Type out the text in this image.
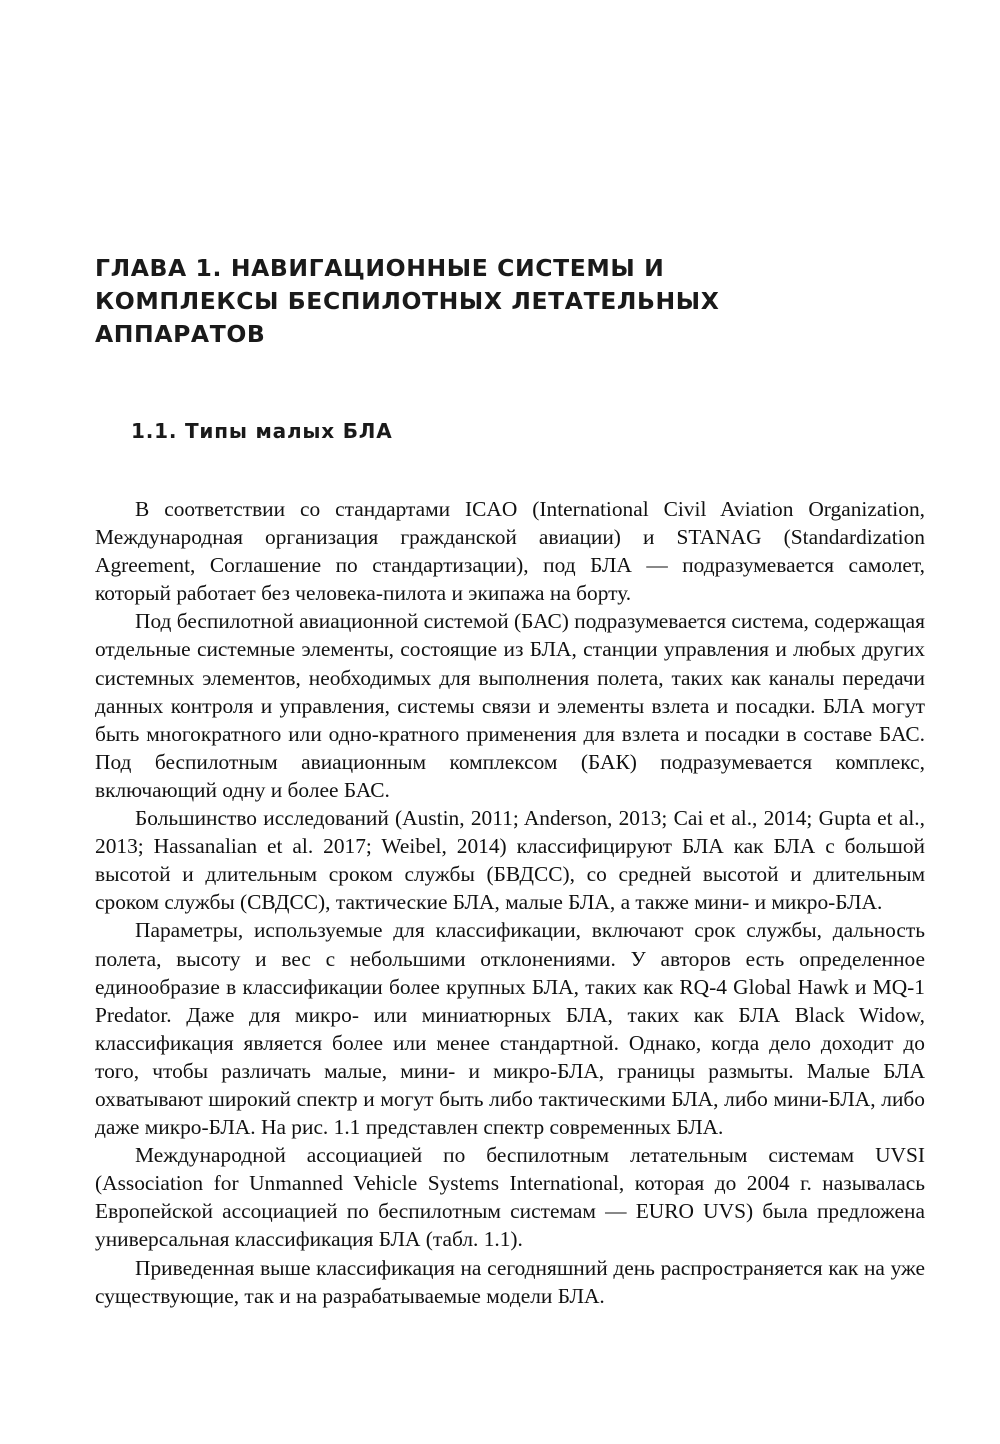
ГЛАВА 1. НАВИГАЦИОННЫЕ СИСТЕМЫ И КОМПЛЕКСЫ БЕСПИЛОТНЫХ ЛЕТАТЕЛЬНЫХ АППАРАТОВ
1.1. Типы малых БЛА

В соответствии со стандартами ICAO (International Civil Aviation Organization, Международная организация гражданской авиации) и STANAG (Standardization Agreement, Соглашение по стандартизации), под БЛА — подразумевается самолет, который работает без человека-пилота и экипажа на борту.

Под беспилотной авиационной системой (БАС) подразумевается система, содержащая отдельные системные элементы, состоящие из БЛА, станции управления и любых других системных элементов, необходимых для выполнения полета, таких как каналы передачи данных контроля и управления, системы связи и элементы взлета и посадки. БЛА могут быть многократного или одно-кратного применения для взлета и посадки в составе БАС. Под беспилотным авиационным комплексом (БАК) подразумевается комплекс, включающий одну и более БАС.

Большинство исследований (Austin, 2011; Anderson, 2013; Cai et al., 2014; Gupta et al., 2013; Hassanalian et al. 2017; Weibel, 2014) классифицируют БЛА как БЛА с большой высотой и длительным сроком службы (БВДСС), со средней высотой и длительным сроком службы (СВДСС), тактические БЛА, малые БЛА, а также мини- и микро-БЛА.

Параметры, используемые для классификации, включают срок службы, дальность полета, высоту и вес с небольшими отклонениями. У авторов есть определенное единообразие в классификации более крупных БЛА, таких как RQ-4 Global Hawk и MQ-1 Predator. Даже для микро- или миниатюрных БЛА, таких как БЛА Black Widow, классификация является более или менее стандартной. Однако, когда дело доходит до того, чтобы различать малые, мини- и микро-БЛА, границы размыты. Малые БЛА охватывают широкий спектр и могут быть либо тактическими БЛА, либо мини-БЛА, либо даже микро-БЛА. На рис. 1.1 представлен спектр современных БЛА.

Международной ассоциацией по беспилотным летательным системам UVSI (Association for Unmanned Vehicle Systems International, которая до 2004 г. называлась Европейской ассоциацией по беспилотным системам — EURO UVS) была предложена универсальная классификация БЛА (табл. 1.1).

Приведенная выше классификация на сегодняшний день распространяется как на уже существующие, так и на разрабатываемые модели БЛА.
